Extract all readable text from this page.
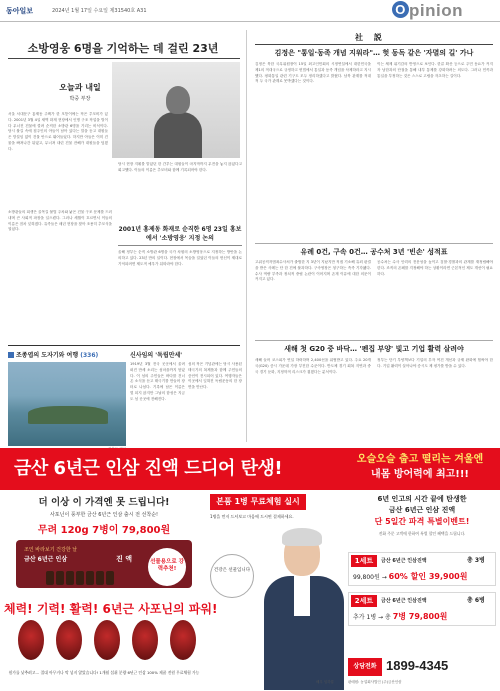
동아일보	2024년 1월 17일 수요일 제31540호 A31	O pinion
소방영웅 6명을 기억하는 데 걸린 23년
오늘과 내일
박중 부장
서울 서대문구 홍제동 주택가 한 모퉁이에는 작은 추모비가 있다. 2001년 3월 4일 새벽 화재 현장에서 인명 구조 작업을 벌이다 무너진 건물에 깔려 순직한 소방관 6명을 기리는 비석이다. 당시 불길 속에 집주인의 아들이 남아 있다는 말을 듣고 대원들은 망설임 없이 건물 안으로 뛰어들었다. 하지만 아들은 이미 건물을 빠져나간 뒤였고, 무너져 내린 건물 잔해가 대원들을 덮쳤다.
소방관들의 희생은 골목길 불법 주차와 낡은 건물 구조 문제를 드러내며 큰 사회적 파장을 일으켰다. 그러나 세월이 흐르면서 이들의 이름은 점차 잊혀졌다. 유족들은 매년 현장을 찾아 조용히 추모식을 열었다.
당시 현장 지휘를 맡았던 한 간부는 대원들이 마지막까지 무전을 놓지 않았다고 회고했다. 이들의 이름은 추모비와 함께 기록되어야 한다.
2001년 홍제동 화재로 순직한 6명 23일 홍보에서 '소방영웅' 지정 논의
올해 정부는 순직 소방관 6명을 국가 차원의 소방영웅으로 지정하는 방안을 논의하고 있다. 23년 만의 일이다. 현장에서 목숨을 걸었던 이들의 헌신이 제대로 기억되려면 제도적 예우가 뒤따라야 한다.
조종엽의 도자기와 여행 (336)	신사임의 '독립만세'
1919년 3월 전국 곳곳에서 울려 퍼진 만세 소리는 섬마을까지 닿았다. 이 섬의 주민들은 바다를 건너 온 소식을 듣고 태극기를 만들어 장터로 나섰다. 기록에 남은 이름은 몇 되지 않지만 그날의 함성은 지금도 섬 곳곳에 전해진다.
섬의 작은 기념관에는 당시 사용된 태극기의 복제품과 함께 주민들의 증언이 전시되어 있다. 여행자들은 이곳에서 잊혀진 독립운동의 한 장면을 만난다.
社 説
김정은 "통일·동족 개념 지워라"… 헛 동독 같은 '자멸의 길' 가나
김정은 북한 국무위원장이 15일 최고인민회의 시정연설에서 대한민국을 제1의 적대국으로 규정하고 헌법에서 통일과 동족 개념을 삭제하라고 지시했다. 평화통일 관련 기구도 모두 정리하겠다고 밝혔다. 남북 관계를 적대적 두 국가 관계로 못박겠다는 것이다.
이는 체제 위기감의 반영으로 보인다. 한류 확산 등으로 주민 동요가 커지자 남한과의 단절을 통해 내부 통제를 강화하려는 의도다. 그러나 민족과 통일을 부정하는 것은 스스로 고립을 자초하는 길이다.
유례 0건, 구속 0건… 공수처 3년 '빈손' 성적표
고위공직자범죄수사처가 출범한 지 3년이 지났지만 직접 기소해 유죄 판결을 받은 사례는 단 한 건에 불과하다. 구속영장은 청구하는 족족 기각됐다. 수사 역량 부족과 정치적 중립 논란이 이어지며 존재 이유에 대한 의문이 커지고 있다.
공수처는 수사 인력의 전문성을 높이고 검찰·경찰과의 관계를 재정립해야 한다. 조직의 존폐를 걱정해야 하는 상황이라면 근본적인 제도 개선이 필요하다.
새해 첫 G20 중 바닥… '펜집 부양' 빛고 기업 활력 살려야
새해 들어 코스피가 연일 하락하며 2,400선을 위협받고 있다. 주요 20개국(G20) 증시 가운데 가장 부진한 수준이다. 반도체 경기 회복 지연과 중국 경기 둔화, 지정학적 리스크가 겹쳤다는 분석이다.
정부는 단기 부양책보다 기업의 투자 여건 개선과 규제 완화에 힘써야 한다. 기업 활력이 살아나야 증시도 제 평가를 받을 수 있다.
금산 6년근 인삼 진액 드디어 탄생!	오슬오슬 춥고 떨리는 겨울엔
내몸 방어력에 최고!!!
더 이상 이 가격엔 못 드립니다!
사포닌이 풍부한 금산 6년근 인삼 출시 전 선착순!
무려 120g 7병이 79,800원
조인 바라보기 건강한 날
금산 6년근 인삼	진 액	선물용으로 강력추천!
체력! 기력! 활력! 6년근 사포닌의 파워!
원가를 낮추려고… 절대 아무거나 막 넣지 않았습니다! 1개월 섭취 분량 6년근 인삼 100% 제품 전원 무료체험 가능
본품 1병 무료체험 실시
1병을 먼저 드셔보고 마음에 드시면 결제하세요.
건강은 선물입니다
배우 임하룡
6년 인고의 시간 끝에 탄생한
금산 6년근 인삼 진액
단 5일간 파격 특별이벤트!
전화 주문 고객에 한하여 특별 할인 혜택을 드립니다.
1세트	금산 6년근 인삼진액	총 3병
99,800원 → 60% 할인 39,900원
2세트	금산 6년근 인삼진액	총 6병
추가 1병 → 총 7병 79,800원
상담전화 1899-4345
판매원: 농업회사법인 (주)금산인삼
